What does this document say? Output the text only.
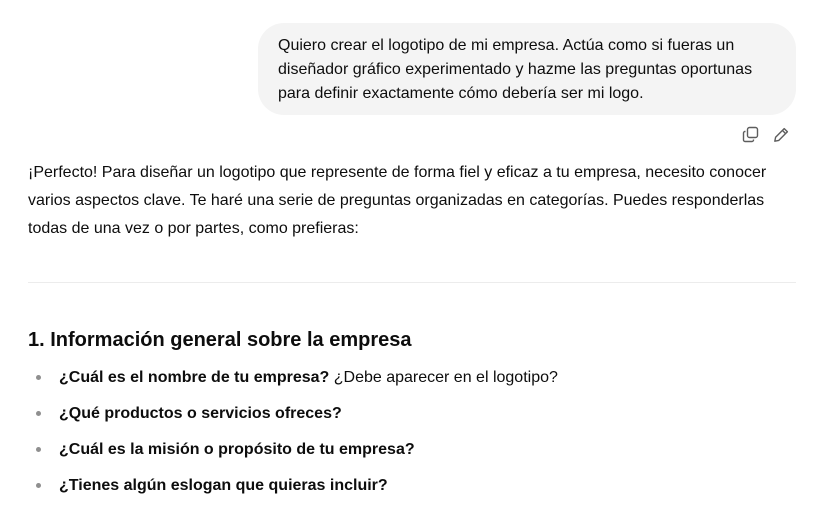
Quiero crear el logotipo de mi empresa. Actúa como si fueras un
diseñador gráfico experimentado y hazme las preguntas oportunas
para definir exactamente cómo debería ser mi logo.
¡Perfecto! Para diseñar un logotipo que represente de forma fiel y eficaz a tu empresa, necesito conocer
varios aspectos clave. Te haré una serie de preguntas organizadas en categorías. Puedes responderlas
todas de una vez o por partes, como prefieras:
1. Información general sobre la empresa
¿Cuál es el nombre de tu empresa? ¿Debe aparecer en el logotipo?
¿Qué productos o servicios ofreces?
¿Cuál es la misión o propósito de tu empresa?
¿Tienes algún eslogan que quieras incluir?
